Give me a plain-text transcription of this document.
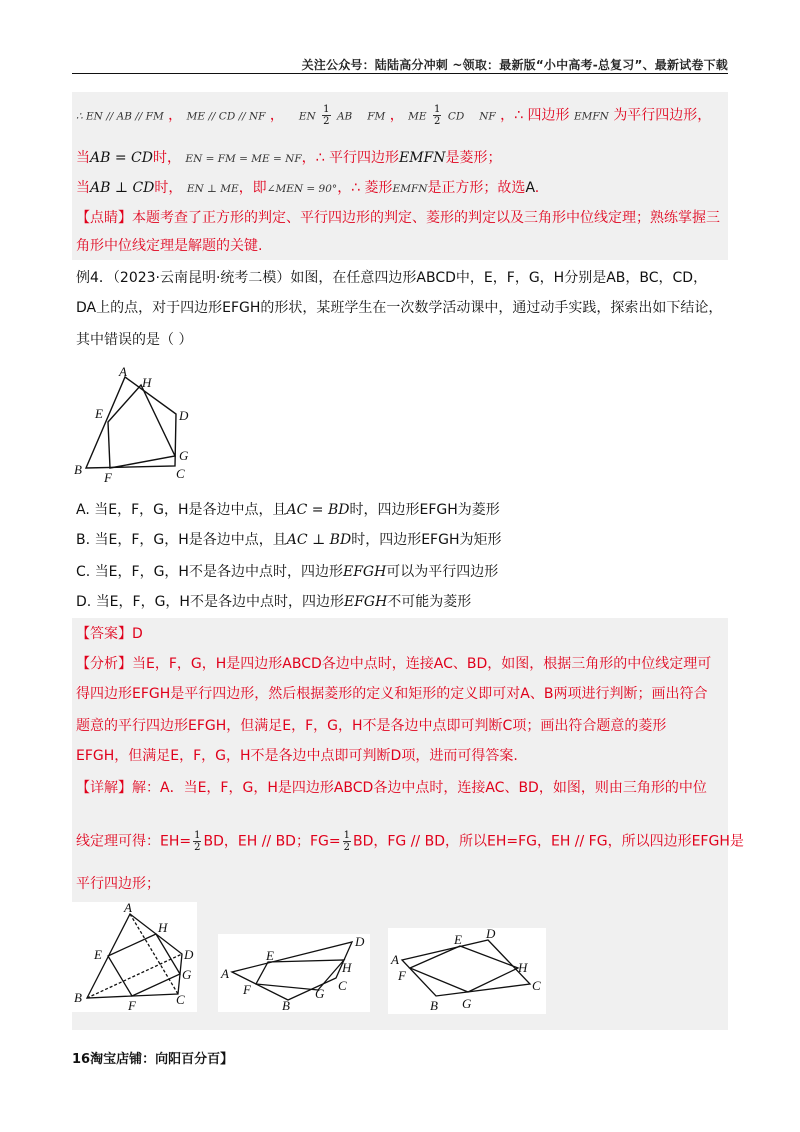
关注公众号：陆陆高分冲刺 ~领取：最新版“小中高考-总复习”、最新试卷下载
∴ EN // AB // FM ， ME // CD // NF ， EN $\frac{1}{2}$ AB FM ， ME $\frac{1}{2}$ CD NF ，∴ 四边形 EMFN 为平行四边形，
当AB = CD时， EN = FM = ME = NF，∴ 平行四边形EMFN是菱形；
当AB ⊥ CD时， EN ⊥ ME，即∠MEN = 90°，∴ 菱形EMFN是正方形；故选A.
【点睛】本题考查了正方形的判定、平行四边形的判定、菱形的判定以及三角形中位线定理；熟练掌握三
角形中位线定理是解题的关键.
例4．（2023·云南昆明·统考二模）如图，在任意四边形ABCD中，E，F，G，H分别是AB，BC，CD，
DA上的点，对于四边形EFGH的形状，某班学生在一次数学活动课中，通过动手实践，探索出如下结论，
其中错误的是（ ）
A
H
E	D
G
B	C
F
A. 当E，F，G，H是各边中点，且AC = BD时，四边形EFGH为菱形
B. 当E，F，G，H是各边中点，且AC ⊥ BD时，四边形EFGH为矩形
C. 当E，F，G，H不是各边中点时，四边形EFGH可以为平行四边形
D. 当E，F，G，H不是各边中点时，四边形EFGH不可能为菱形
【答案】D
【分析】当E，F，G，H是四边形ABCD各边中点时，连接AC、BD，如图，根据三角形的中位线定理可
得四边形EFGH是平行四边形，然后根据菱形的定义和矩形的定义即可对A、B两项进行判断；画出符合
题意的平行四边形EFGH，但满足E，F，G，H不是各边中点即可判断C项；画出符合题意的菱形
EFGH，但满足E，F，G，H不是各边中点即可判断D项，进而可得答案.
【详解】解：A．当E，F，G，H是四边形ABCD各边中点时，连接AC、BD，如图，则由三角形的中位
线定理可得：$EH= \frac{1}{2}$ BD，EH // BD；$FG= \frac{1}{2}$ BD，FG // BD，所以EH=FG，EH // FG，所以四边形EFGH是
平行四边形；
A
H
E	D
G
B
F	C
A
E
D
H
F	G
C
B
A
E D
H
F
C
B G
16淘宝店铺：向阳百分百】
